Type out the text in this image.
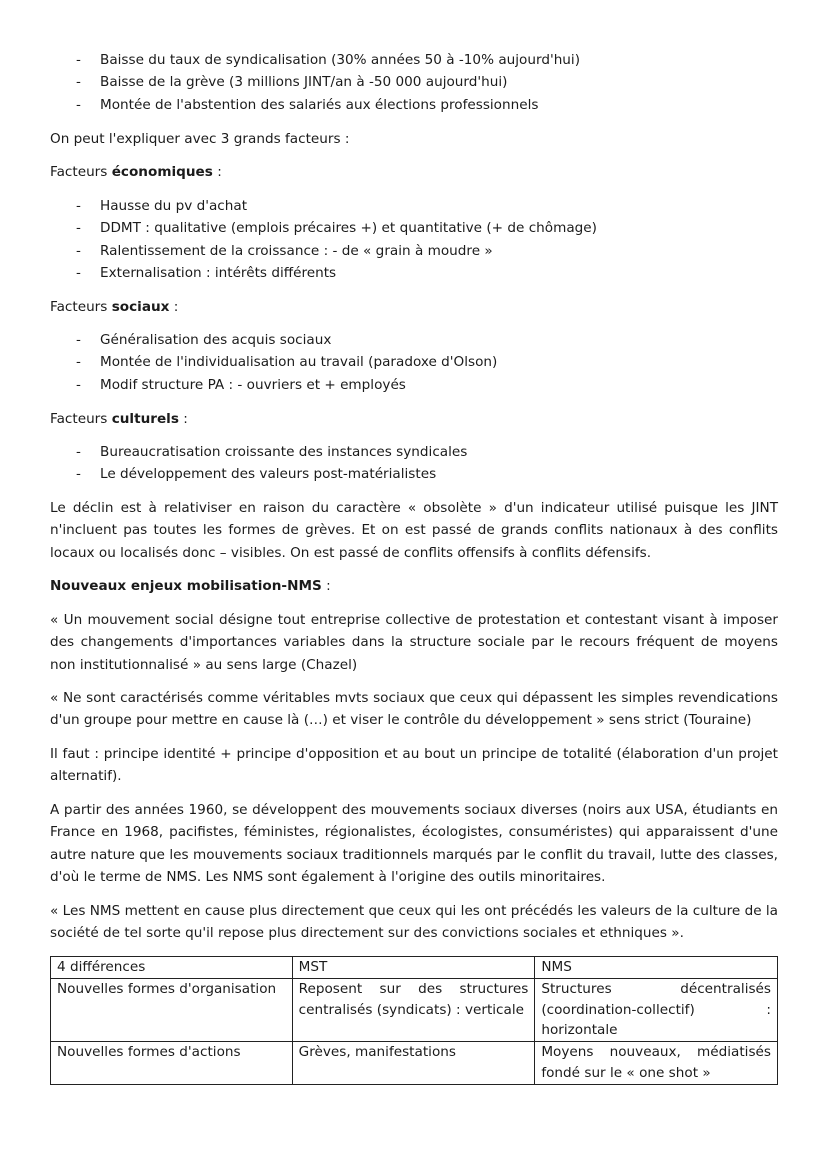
- Baisse du taux de syndicalisation (30% années 50 à -10% aujourd'hui)
- Baisse de la grève (3 millions JINT/an à -50 000 aujourd'hui)
- Montée de l'abstention des salariés aux élections professionnels

On peut l'expliquer avec 3 grands facteurs :

Facteurs économiques :

- Hausse du pv d'achat
- DDMT : qualitative (emplois précaires +) et quantitative (+ de chômage)
- Ralentissement de la croissance : - de « grain à moudre »
- Externalisation : intérêts différents

Facteurs sociaux :

- Généralisation des acquis sociaux
- Montée de l'individualisation au travail (paradoxe d'Olson)
- Modif structure PA : - ouvriers et + employés

Facteurs culturels :

- Bureaucratisation croissante des instances syndicales
- Le développement des valeurs post-matérialistes

Le déclin est à relativiser en raison du caractère « obsolète » d'un indicateur utilisé puisque les JINT n'incluent pas toutes les formes de grèves. Et on est passé de grands conflits nationaux à des conflits locaux ou localisés donc – visibles. On est passé de conflits offensifs à conflits défensifs.

Nouveaux enjeux mobilisation-NMS :

« Un mouvement social désigne tout entreprise collective de protestation et contestant visant à imposer des changements d'importances variables dans la structure sociale par le recours fréquent de moyens non institutionnalisé » au sens large (Chazel)

« Ne sont caractérisés comme véritables mvts sociaux que ceux qui dépassent les simples revendications d'un groupe pour mettre en cause là (…) et viser le contrôle du développement » sens strict (Touraine)

Il faut : principe identité + principe d'opposition et au bout un principe de totalité (élaboration d'un projet alternatif).

A partir des années 1960, se développent des mouvements sociaux diverses (noirs aux USA, étudiants en France en 1968, pacifistes, féministes, régionalistes, écologistes, consuméristes) qui apparaissent d'une autre nature que les mouvements sociaux traditionnels marqués par le conflit du travail, lutte des classes, d'où le terme de NMS. Les NMS sont également à l'origine des outils minoritaires.

« Les NMS mettent en cause plus directement que ceux qui les ont précédés les valeurs de la culture de la société de tel sorte qu'il repose plus directement sur des convictions sociales et ethniques ».

4 différences	MST	NMS
Nouvelles formes d'organisation	Reposent sur des structures centralisés (syndicats) : verticale	Structures décentralisés (coordination-collectif) : horizontale
Nouvelles formes d'actions	Grèves, manifestations	Moyens nouveaux, médiatisés fondé sur le « one shot »
